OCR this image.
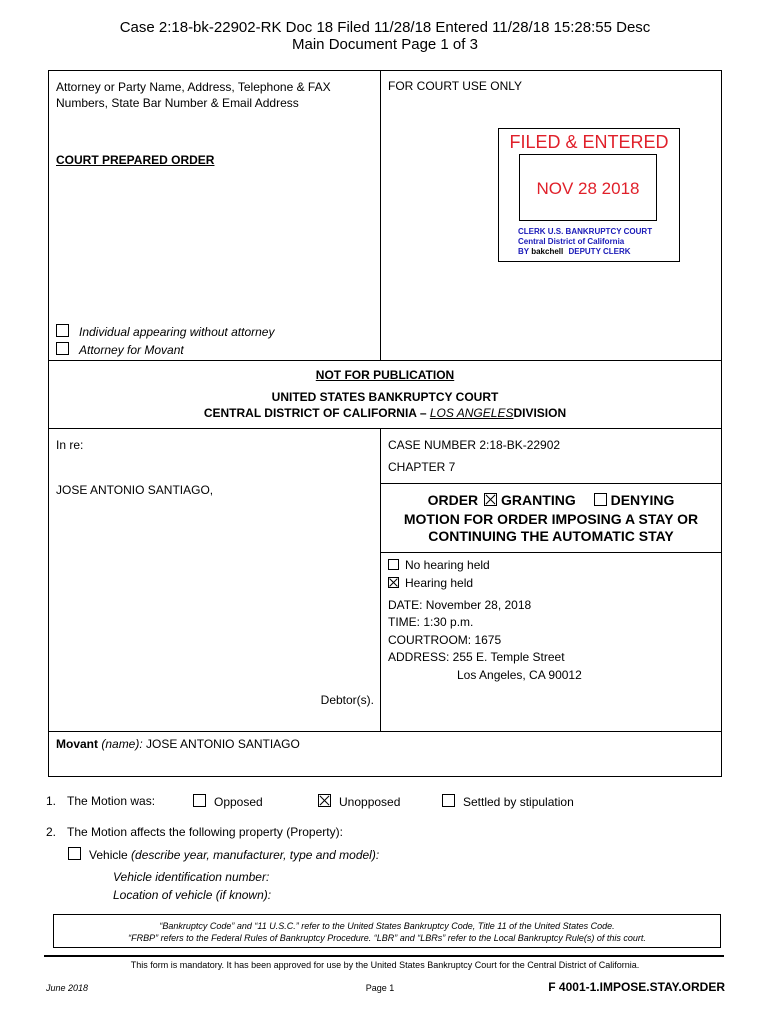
Case 2:18-bk-22902-RK Doc 18 Filed 11/28/18 Entered 11/28/18 15:28:55 Desc
Main Document Page 1 of 3
Attorney or Party Name, Address, Telephone & FAX Numbers, State Bar Number & Email Address
COURT PREPARED ORDER
Individual appearing without attorney
Attorney for Movant
FOR COURT USE ONLY
FILED & ENTERED
NOV 28 2018
CLERK U.S. BANKRUPTCY COURT
Central District of California
BY bakchell DEPUTY CLERK
NOT FOR PUBLICATION
UNITED STATES BANKRUPTCY COURT
CENTRAL DISTRICT OF CALIFORNIA – LOS ANGELESDIVISION
In re:
JOSE ANTONIO SANTIAGO,
Debtor(s).
CASE NUMBER 2:18-BK-22902
CHAPTER 7
ORDER GRANTING DENYING
MOTION FOR ORDER IMPOSING A STAY OR
CONTINUING THE AUTOMATIC STAY
No hearing held
Hearing held
DATE: November 28, 2018
TIME: 1:30 p.m.
COURTROOM: 1675
ADDRESS: 255 E. Temple Street
Los Angeles, CA 90012
Movant (name): JOSE ANTONIO SANTIAGO
1. The Motion was:	Opposed	Unopposed	Settled by stipulation
2. The Motion affects the following property (Property):
Vehicle (describe year, manufacturer, type and model):
Vehicle identification number:
Location of vehicle (if known):
“Bankruptcy Code” and “11 U.S.C.” refer to the United States Bankruptcy Code, Title 11 of the United States Code.
“FRBP” refers to the Federal Rules of Bankruptcy Procedure. “LBR” and “LBRs” refer to the Local Bankruptcy Rule(s) of this court.
This form is mandatory. It has been approved for use by the United States Bankruptcy Court for the Central District of California.
June 2018	Page 1	F 4001-1.IMPOSE.STAY.ORDER
